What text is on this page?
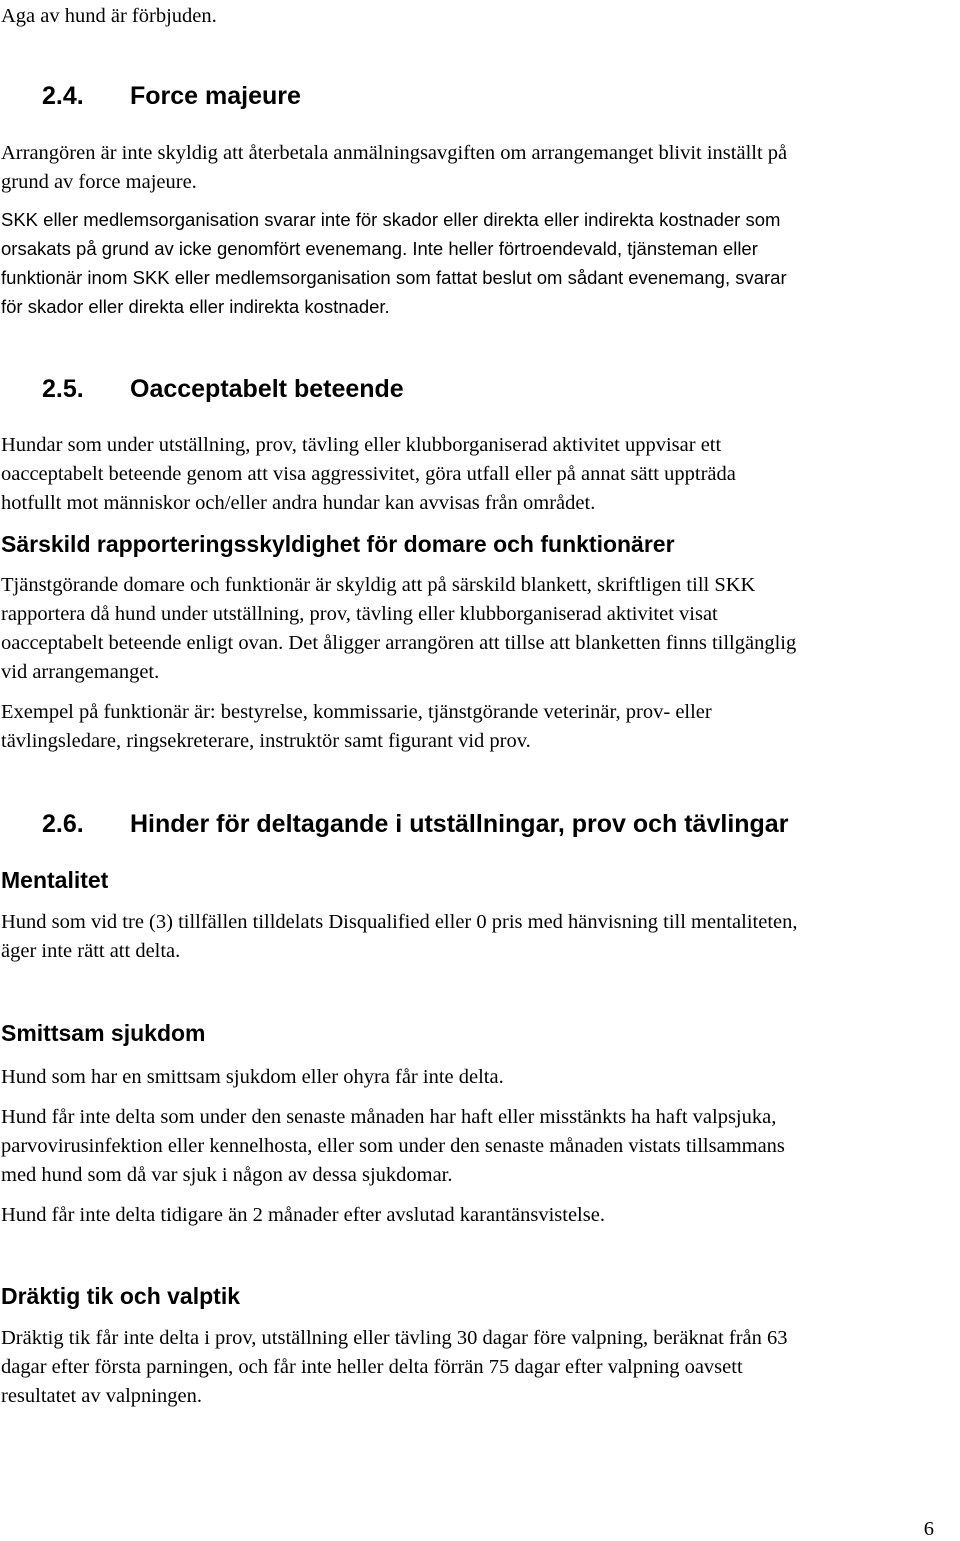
Aga av hund är förbjuden.

2.4. Force majeure

Arrangören är inte skyldig att återbetala anmälningsavgiften om arrangemanget blivit inställt på
grund av force majeure.

SKK eller medlemsorganisation svarar inte för skador eller direkta eller indirekta kostnader som
orsakats på grund av icke genomfört evenemang. Inte heller förtroendevald, tjänsteman eller
funktionär inom SKK eller medlemsorganisation som fattat beslut om sådant evenemang, svarar
för skador eller direkta eller indirekta kostnader.

2.5. Oacceptabelt beteende

Hundar som under utställning, prov, tävling eller klubborganiserad aktivitet uppvisar ett
oacceptabelt beteende genom att visa aggressivitet, göra utfall eller på annat sätt uppträda
hotfullt mot människor och/eller andra hundar kan avvisas från området.

Särskild rapporteringsskyldighet för domare och funktionärer

Tjänstgörande domare och funktionär är skyldig att på särskild blankett, skriftligen till SKK
rapportera då hund under utställning, prov, tävling eller klubborganiserad aktivitet visat
oacceptabelt beteende enligt ovan. Det åligger arrangören att tillse att blanketten finns tillgänglig
vid arrangemanget.

Exempel på funktionär är: bestyrelse, kommissarie, tjänstgörande veterinär, prov- eller
tävlingsledare, ringsekreterare, instruktör samt figurant vid prov.

2.6. Hinder för deltagande i utställningar, prov och tävlingar
Mentalitet

Hund som vid tre (3) tillfällen tilldelats Disqualified eller 0 pris med hänvisning till mentaliteten,
äger inte rätt att delta.

Smittsam sjukdom

Hund som har en smittsam sjukdom eller ohyra får inte delta.

Hund får inte delta som under den senaste månaden har haft eller misstänkts ha haft valpsjuka,
parvovirusinfektion eller kennelhosta, eller som under den senaste månaden vistats tillsammans
med hund som då var sjuk i någon av dessa sjukdomar.

Hund får inte delta tidigare än 2 månader efter avslutad karantänsvistelse.

Dräktig tik och valptik

Dräktig tik får inte delta i prov, utställning eller tävling 30 dagar före valpning, beräknat från 63
dagar efter första parningen, och får inte heller delta förrän 75 dagar efter valpning oavsett
resultatet av valpningen.

6
